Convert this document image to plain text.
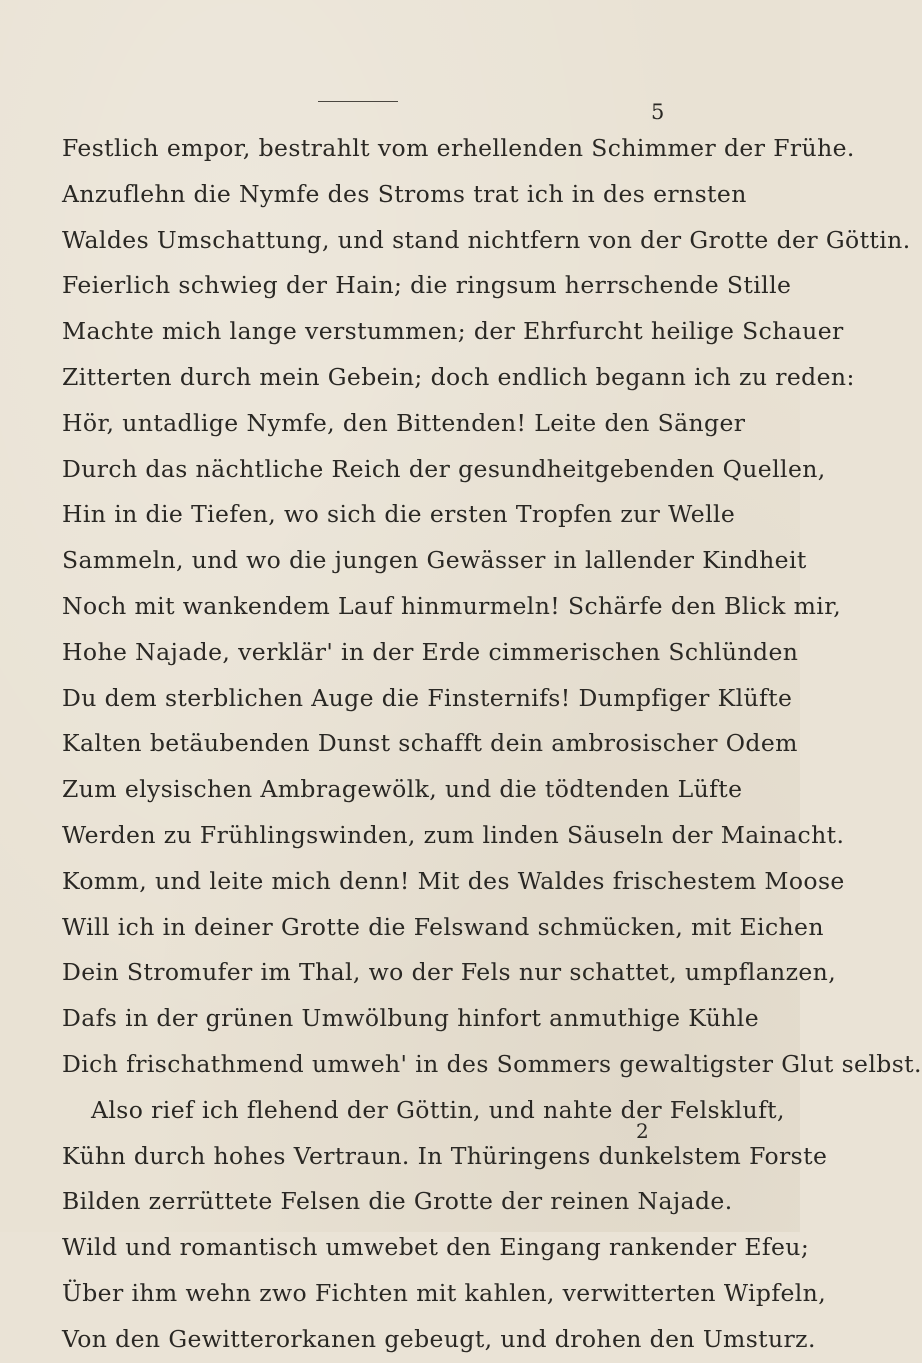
5
Festlich empor, bestrahlt vom erhellenden Schimmer der Frühe.
Anzuflehn die Nymfe des Stroms trat ich in des ernsten
Waldes Umschattung, und stand nichtfern von der Grotte der Göttin.
Feierlich schwieg der Hain; die ringsum herrschende Stille
Machte mich lange verstummen; der Ehrfurcht heilige Schauer
Zitterten durch mein Gebein; doch endlich begann ich zu reden:
Hör, untadlige Nymfe, den Bittenden! Leite den Sänger
Durch das nächtliche Reich der gesundheitgebenden Quellen,
Hin in die Tiefen, wo sich die ersten Tropfen zur Welle
Sammeln, und wo die jungen Gewässer in lallender Kindheit
Noch mit wankendem Lauf hinmurmeln! Schärfe den Blick mir,
Hohe Najade, verklär' in der Erde cimmerischen Schlünden
Du dem sterblichen Auge die Finsternifs! Dumpfiger Klüfte
Kalten betäubenden Dunst schafft dein ambrosischer Odem
Zum elysischen Ambragewölk, und die tödtenden Lüfte
Werden zu Frühlingswinden, zum linden Säuseln der Mainacht.
Komm, und leite mich denn! Mit des Waldes frischestem Moose
Will ich in deiner Grotte die Felswand schmücken, mit Eichen
Dein Stromufer im Thal, wo der Fels nur schattet, umpflanzen,
Dafs in der grünen Umwölbung hinfort anmuthige Kühle
Dich frischathmend umweh' in des Sommers gewaltigster Glut selbst.
Also rief ich flehend der Göttin, und nahte der Felskluft,
Kühn durch hohes Vertraun. In Thüringens dunkelstem Forste
Bilden zerrüttete Felsen die Grotte der reinen Najade.
Wild und romantisch umwebet den Eingang rankender Efeu;
Über ihm wehn zwo Fichten mit kahlen, verwitterten Wipfeln,
Von den Gewitterorkanen gebeugt, und drohen den Umsturz.
2
